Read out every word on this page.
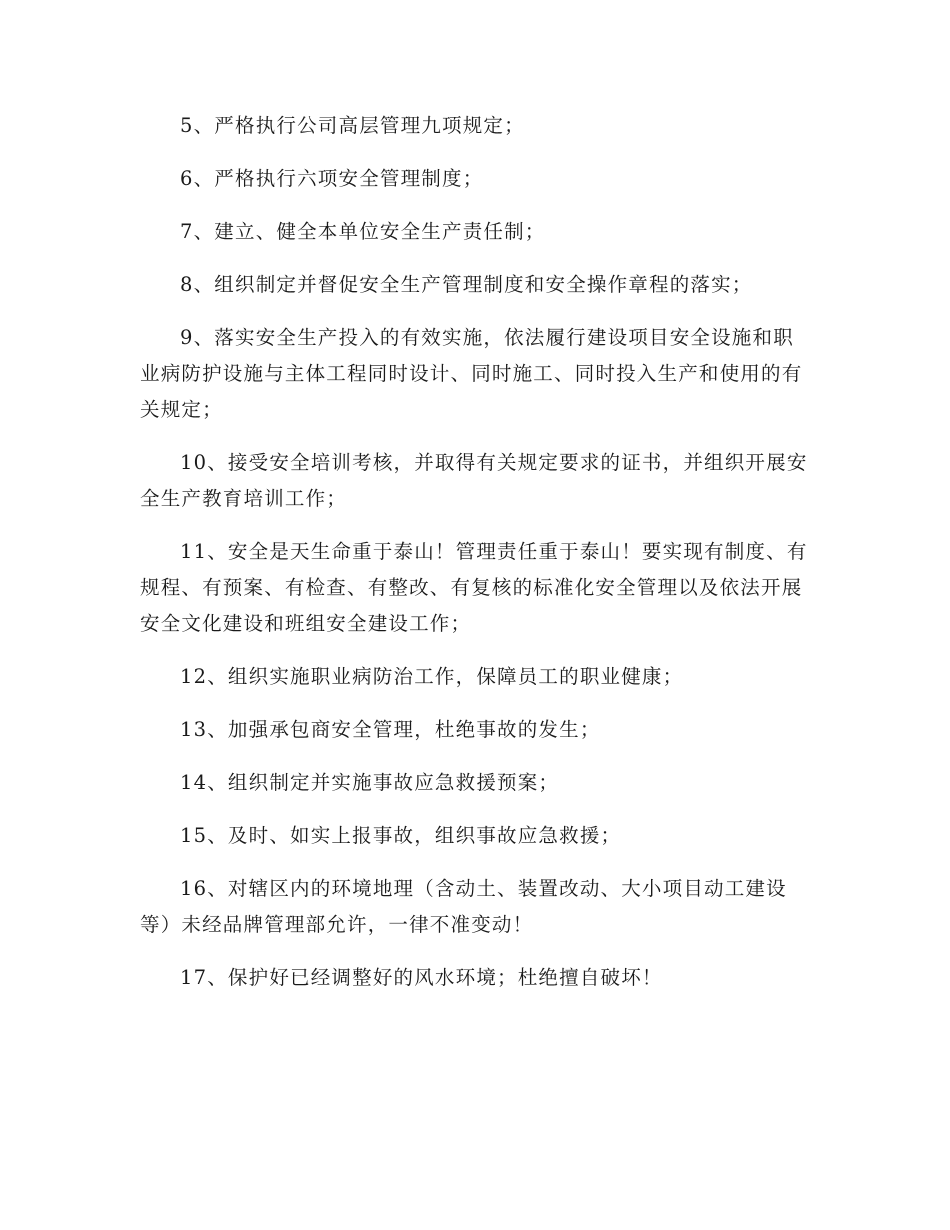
5、严格执行公司高层管理九项规定；

6、严格执行六项安全管理制度；

7、建立、健全本单位安全生产责任制；

8、组织制定并督促安全生产管理制度和安全操作章程的落实；

9、落实安全生产投入的有效实施，依法履行建设项目安全设施和职业病防护设施与主体工程同时设计、同时施工、同时投入生产和使用的有关规定；

10、接受安全培训考核，并取得有关规定要求的证书，并组织开展安全生产教育培训工作；

11、安全是天生命重于泰山！管理责任重于泰山！要实现有制度、有规程、有预案、有检查、有整改、有复核的标准化安全管理以及依法开展安全文化建设和班组安全建设工作；

12、组织实施职业病防治工作，保障员工的职业健康；

13、加强承包商安全管理，杜绝事故的发生；

14、组织制定并实施事故应急救援预案；

15、及时、如实上报事故，组织事故应急救援；

16、对辖区内的环境地理（含动土、装置改动、大小项目动工建设等）未经品牌管理部允许，一律不准变动！

17、保护好已经调整好的风水环境；杜绝擅自破坏！
